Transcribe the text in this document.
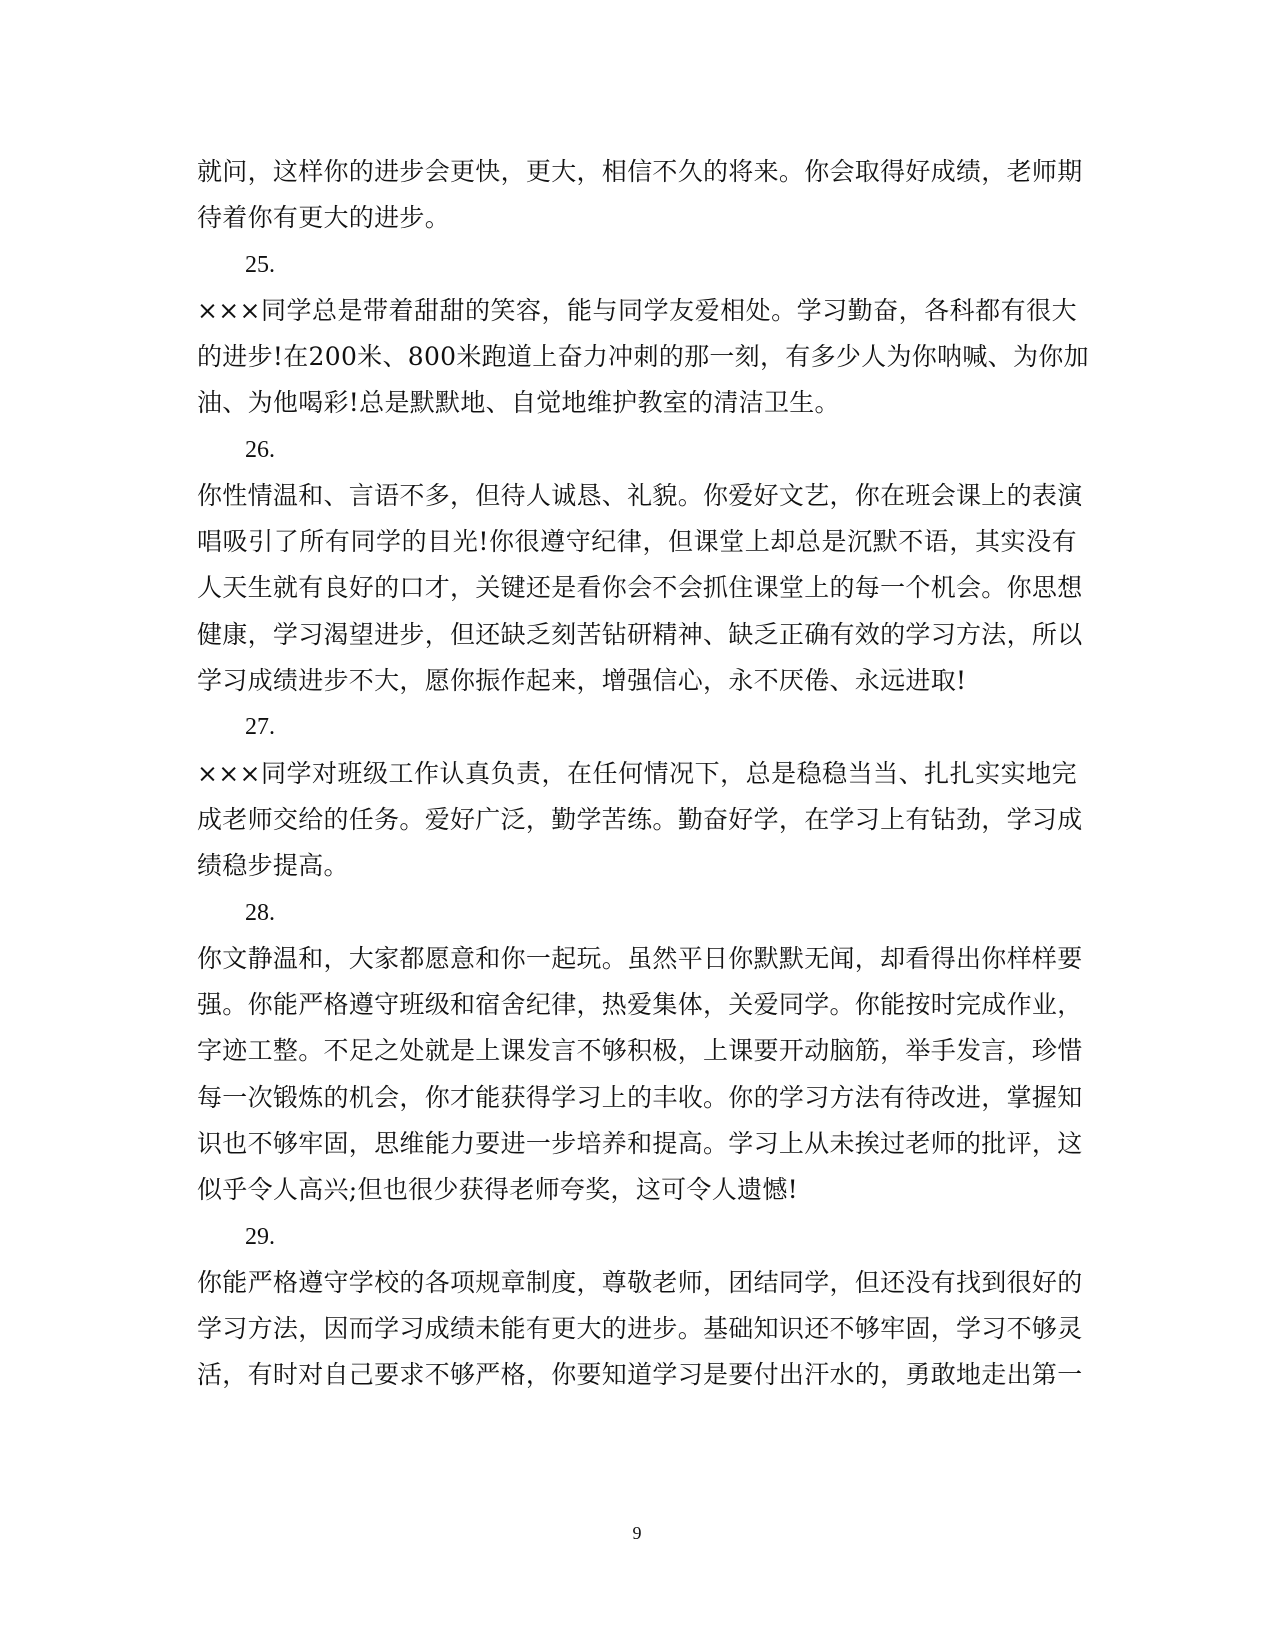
就问，这样你的进步会更快，更大，相信不久的将来。你会取得好成绩，老师期
待着你有更大的进步。
25.
×××同学总是带着甜甜的笑容，能与同学友爱相处。学习勤奋，各科都有很大
的进步!在200米、800米跑道上奋力冲刺的那一刻，有多少人为你呐喊、为你加
油、为他喝彩!总是默默地、自觉地维护教室的清洁卫生。
26.
你性情温和、言语不多，但待人诚恳、礼貌。你爱好文艺，你在班会课上的表演
唱吸引了所有同学的目光!你很遵守纪律，但课堂上却总是沉默不语，其实没有
人天生就有良好的口才，关键还是看你会不会抓住课堂上的每一个机会。你思想
健康，学习渴望进步，但还缺乏刻苦钻研精神、缺乏正确有效的学习方法，所以
学习成绩进步不大，愿你振作起来，增强信心，永不厌倦、永远进取!
27.
×××同学对班级工作认真负责，在任何情况下，总是稳稳当当、扎扎实实地完
成老师交给的任务。爱好广泛，勤学苦练。勤奋好学，在学习上有钻劲，学习成
绩稳步提高。
28.
你文静温和，大家都愿意和你一起玩。虽然平日你默默无闻，却看得出你样样要
强。你能严格遵守班级和宿舍纪律，热爱集体，关爱同学。你能按时完成作业，
字迹工整。不足之处就是上课发言不够积极，上课要开动脑筋，举手发言，珍惜
每一次锻炼的机会，你才能获得学习上的丰收。你的学习方法有待改进，掌握知
识也不够牢固，思维能力要进一步培养和提高。学习上从未挨过老师的批评，这
似乎令人高兴;但也很少获得老师夸奖，这可令人遗憾!
29.
你能严格遵守学校的各项规章制度，尊敬老师，团结同学，但还没有找到很好的
学习方法，因而学习成绩未能有更大的进步。基础知识还不够牢固，学习不够灵
活，有时对自己要求不够严格，你要知道学习是要付出汗水的，勇敢地走出第一
9
